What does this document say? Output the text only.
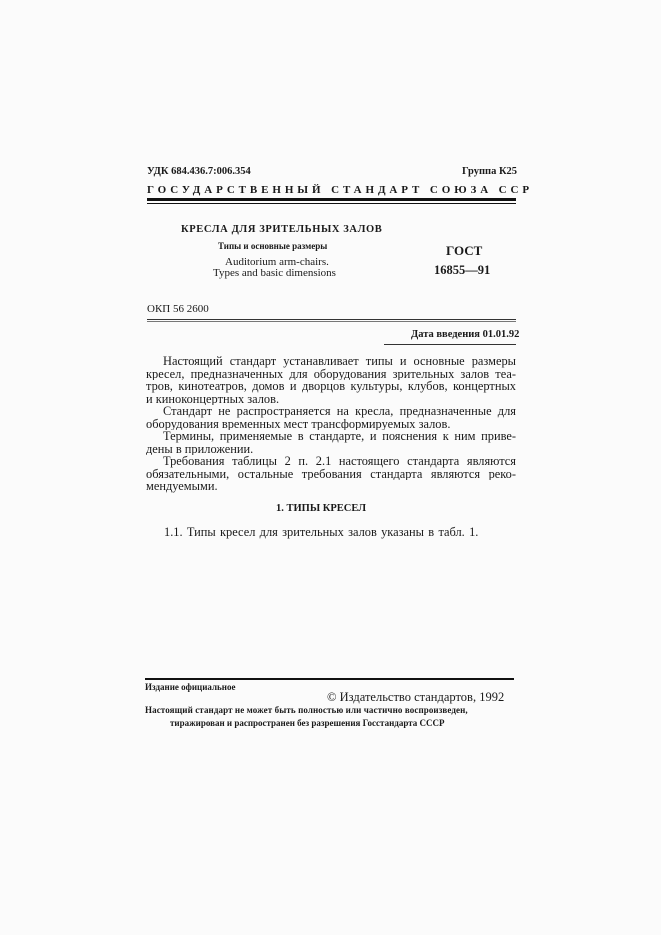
УДК 684.436.7:006.354	Группа К25
ГОСУДАРСТВЕННЫЙ СТАНДАРТ СОЮЗА ССР
КРЕСЛА ДЛЯ ЗРИТЕЛЬНЫХ ЗАЛОВ
Типы и основные размеры
Auditorium arm-chairs.
Types and basic dimensions
ГОСТ
16855—91
ОКП 56 2600
Дата введения 01.01.92
Настоящий стандарт устанавливает типы и основные размеры
кресел, предназначенных для оборудования зрительных залов теа-
тров, кинотеатров, домов и дворцов культуры, клубов, концертных
и киноконцертных залов.
Стандарт не распространяется на кресла, предназначенные для
оборудования временных мест трансформируемых залов.
Термины, применяемые в стандарте, и пояснения к ним приве-
дены в приложении.
Требования таблицы 2 п. 2.1 настоящего стандарта являются
обязательными, остальные требования стандарта являются реко-
мендуемыми.
1. ТИПЫ КРЕСЕЛ
1.1. Типы кресел для зрительных залов указаны в табл. 1.
Издание официальное
© Издательство стандартов, 1992
Настоящий стандарт не может быть полностью или частично воспроизведен,
тиражирован и распространен без разрешения Госстандарта СССР
